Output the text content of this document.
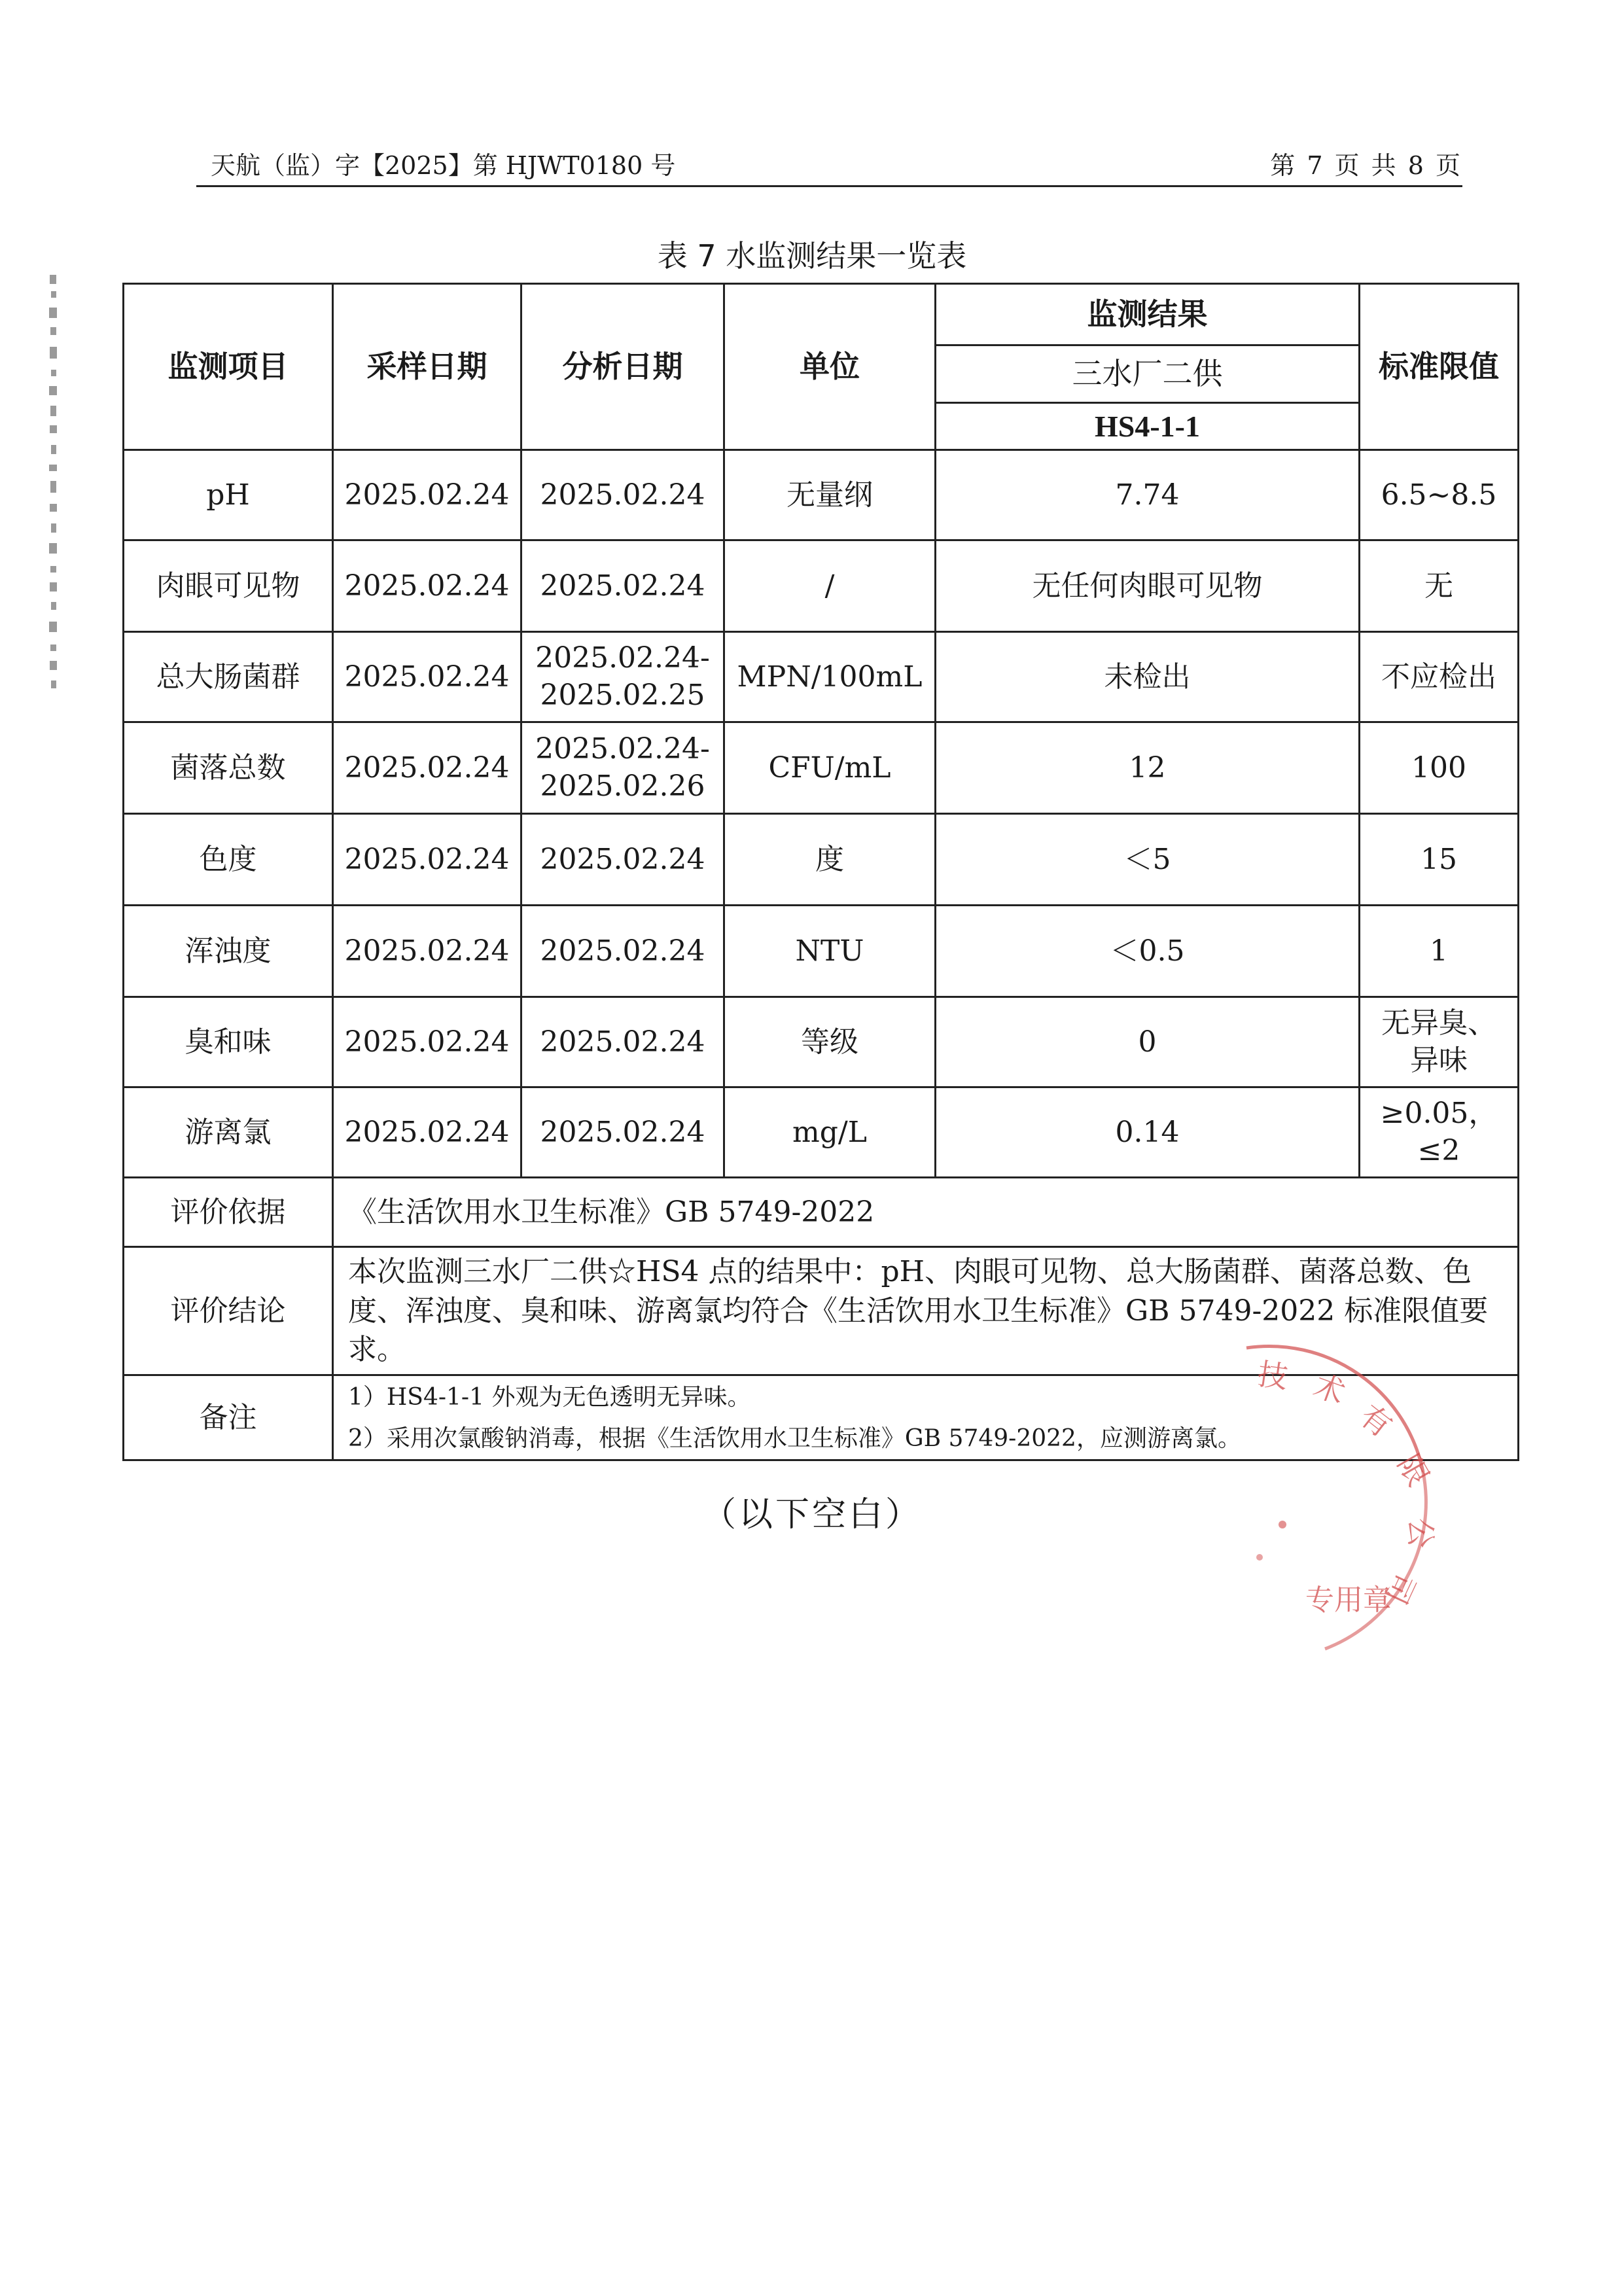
天航（监）字【2025】第 HJWT0180 号	第 7 页 共 8 页
表 7 水监测结果一览表
监测项目	采样日期	分析日期	单位	监测结果	标准限值
				三水厂二供	
				HS4-1-1	
pH	2025.02.24	2025.02.24	无量纲	7.74	6.5~8.5
肉眼可见物	2025.02.24	2025.02.24	/	无任何肉眼可见物	无
总大肠菌群	2025.02.24	2025.02.24-
2025.02.25	MPN/100mL	未检出	不应检出
菌落总数	2025.02.24	2025.02.24-
2025.02.26	CFU/mL	12	100
色度	2025.02.24	2025.02.24	度	＜5	15
浑浊度	2025.02.24	2025.02.24	NTU	＜0.5	1
臭和味	2025.02.24	2025.02.24	等级	0	无异臭、
异味
游离氯	2025.02.24	2025.02.24	mg/L	0.14	≥0.05，
≤2
评价依据	《生活饮用水卫生标准》GB 5749-2022				
评价结论	本次监测三水厂二供☆HS4 点的结果中：pH、肉眼可见物、总大肠菌群、菌落总数、色度、浑浊度、臭和味、游离氯均符合《生活饮用水卫生标准》GB 5749-2022 标准限值要求。				
备注	1）HS4-1-1 外观为无色透明无异味。
2）采用次氯酸钠消毒，根据《生活饮用水卫生标准》GB 5749-2022，应测游离氯。				
（以下空白）
技 术
有
限
公
司
专用章
